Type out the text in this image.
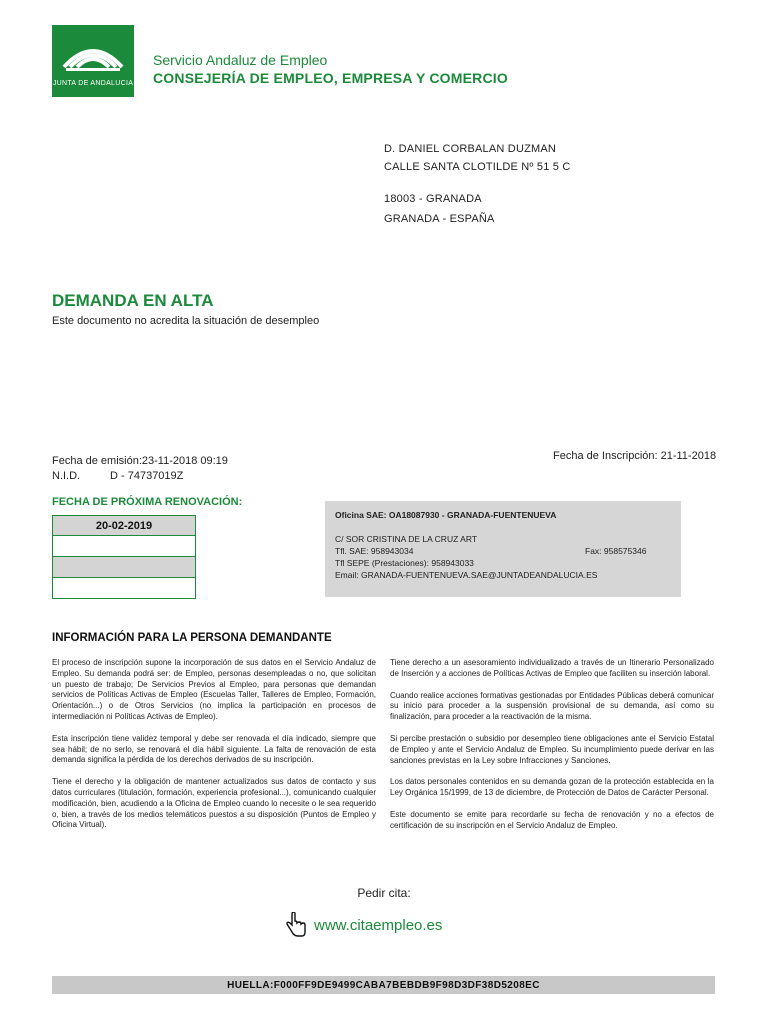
JUNTA DE ANDALUCIA
Servicio Andaluz de Empleo
CONSEJERÍA DE EMPLEO, EMPRESA Y COMERCIO
D. DANIEL CORBALAN DUZMAN
CALLE SANTA CLOTILDE Nº 51 5 C
18003 - GRANADA
GRANADA - ESPAÑA
DEMANDA EN ALTA
Este documento no acredita la situación de desempleo
Fecha de emisión:23-11-2018 09:19
N.I.D.	D - 74737019Z
Fecha de Inscripción: 21-11-2018
FECHA DE PRÓXIMA RENOVACIÓN:
20-02-2019
Oficina SAE: OA18087930 - GRANADA-FUENTENUEVA
C/ SOR CRISTINA DE LA CRUZ ART
Tfl. SAE: 958943034	Fax: 958575346
Tfl SEPE (Prestaciones): 958943033
Email: GRANADA-FUENTENUEVA.SAE@JUNTADEANDALUCIA.ES
INFORMACIÓN PARA LA PERSONA DEMANDANTE

El proceso de inscripción supone la incorporación de sus datos en el Servicio Andaluz de Empleo. Su demanda podrá ser: de Empleo, personas desempleadas o no, que solicitan un puesto de trabajo; De Servicios Previos al Empleo, para personas que demandan servicios de Políticas Activas de Empleo (Escuelas Taller, Talleres de Empleo, Formación, Orientación...) o de Otros Servicios (no implica la participación en procesos de intermediación ni Políticas Activas de Empleo).

Esta inscripción tiene validez temporal y debe ser renovada el día indicado, siempre que sea hábil; de no serlo, se renovará el día hábil siguiente. La falta de renovación de esta demanda significa la pérdida de los derechos derivados de su inscripción.

Tiene el derecho y la obligación de mantener actualizados sus datos de contacto y sus datos curriculares (titulación, formación, experiencia profesional...), comunicando cualquier modificación, bien, acudiendo a la Oficina de Empleo cuando lo necesite o le sea requerido o, bien, a través de los medios telemáticos puestos a su disposición (Puntos de Empleo y Oficina Virtual).

Tiene derecho a un asesoramiento individualizado a través de un Itinerario Personalizado de Inserción y a acciones de Políticas Activas de Empleo que faciliten su inserción laboral.

Cuando realice acciones formativas gestionadas por Entidades Públicas deberá comunicar su inicio para proceder a la suspensión provisional de su demanda, así como su finalización, para proceder a la reactivación de la misma.

Si percibe prestación o subsidio por desempleo tiene obligaciones ante el Servicio Estatal de Empleo y ante el Servicio Andaluz de Empleo. Su incumplimiento puede derivar en las sanciones previstas en la Ley sobre Infracciones y Sanciones.

Los datos personales contenidos en su demanda gozan de la protección establecida en la Ley Orgánica 15/1999, de 13 de diciembre, de Protección de Datos de Carácter Personal.

Este documento se emite para recordarle su fecha de renovación y no a efectos de certificación de su inscripción en el Servicio Andaluz de Empleo.

Pedir cita:
www.citaempleo.es
HUELLA:F000FF9DE9499CABA7BEBDB9F98D3DF38D5208EC
